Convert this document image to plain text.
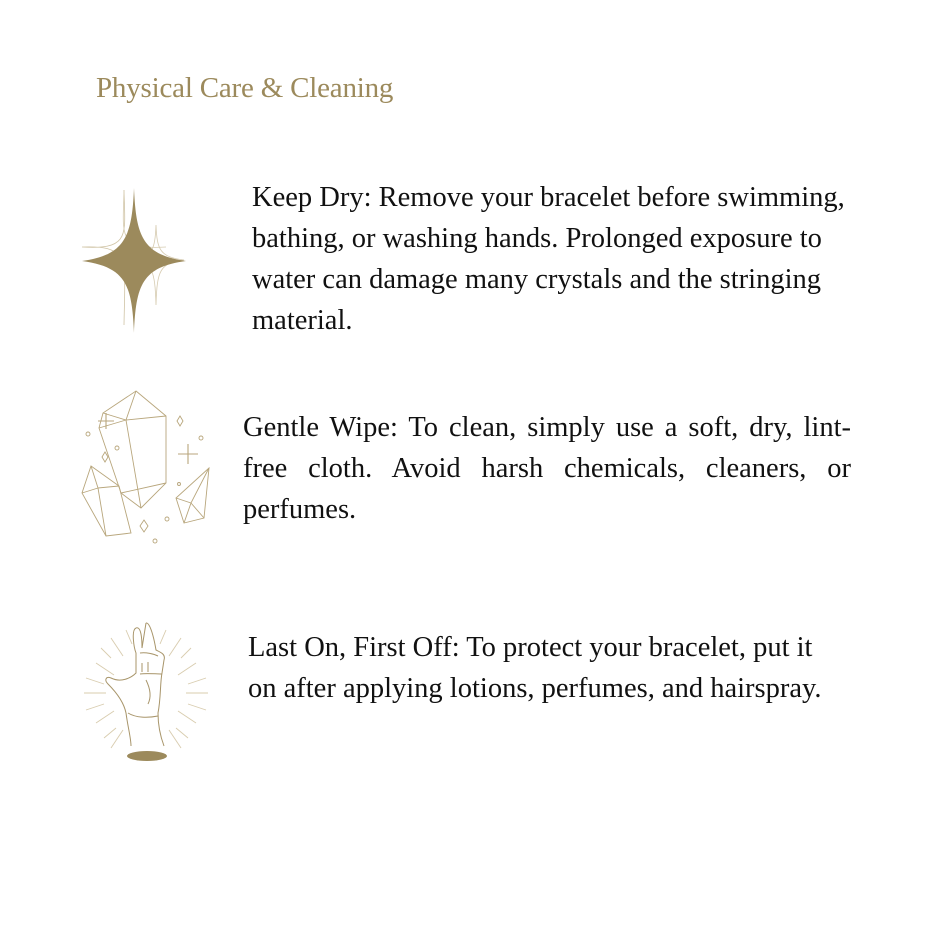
Physical Care & Cleaning
Keep Dry: Remove your bracelet before swimming, bathing, or washing hands. Prolonged exposure to water can damage many crystals and the stringing material.
Gentle Wipe: To clean, simply use a soft, dry, lint-free cloth. Avoid harsh chemicals, cleaners, or perfumes.
Last On, First Off: To protect your bracelet, put it on after applying lotions, perfumes, and hairspray.
